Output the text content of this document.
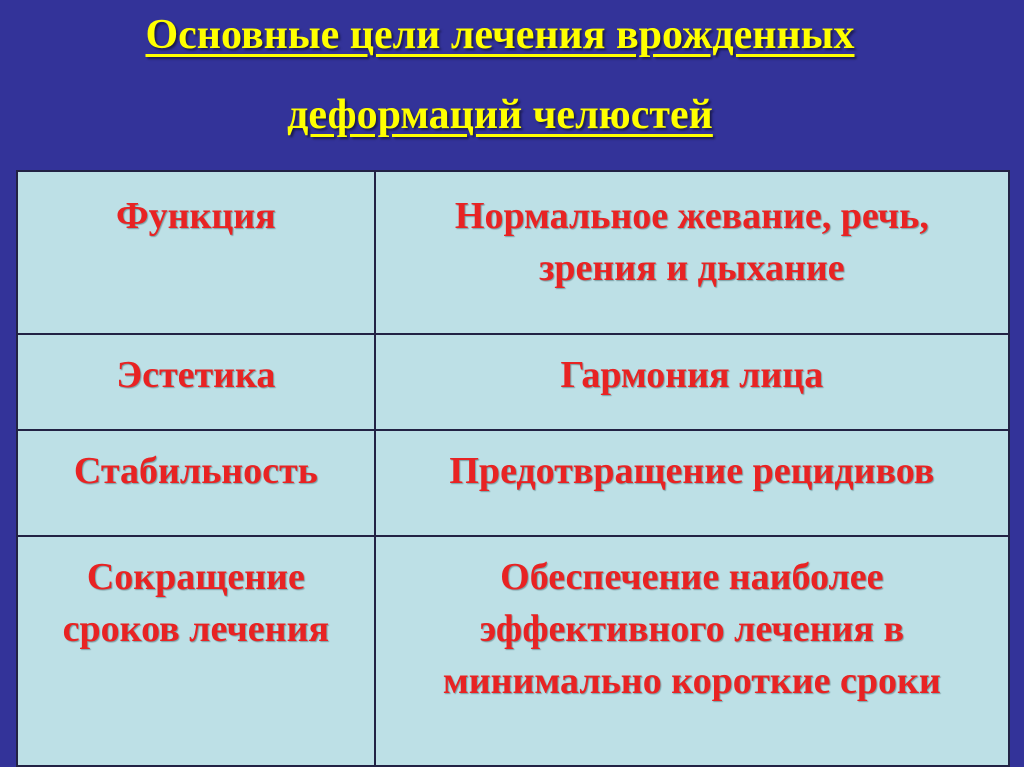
Основные цели лечения врожденных
деформаций челюстей
Функция	Нормальное жевание, речь, зрения и дыхание
Эстетика	Гармония лица
Стабильность	Предотвращение рецидивов
Сокращение сроков лечения	Обеспечение наиболее эффективного лечения в минимально короткие сроки
